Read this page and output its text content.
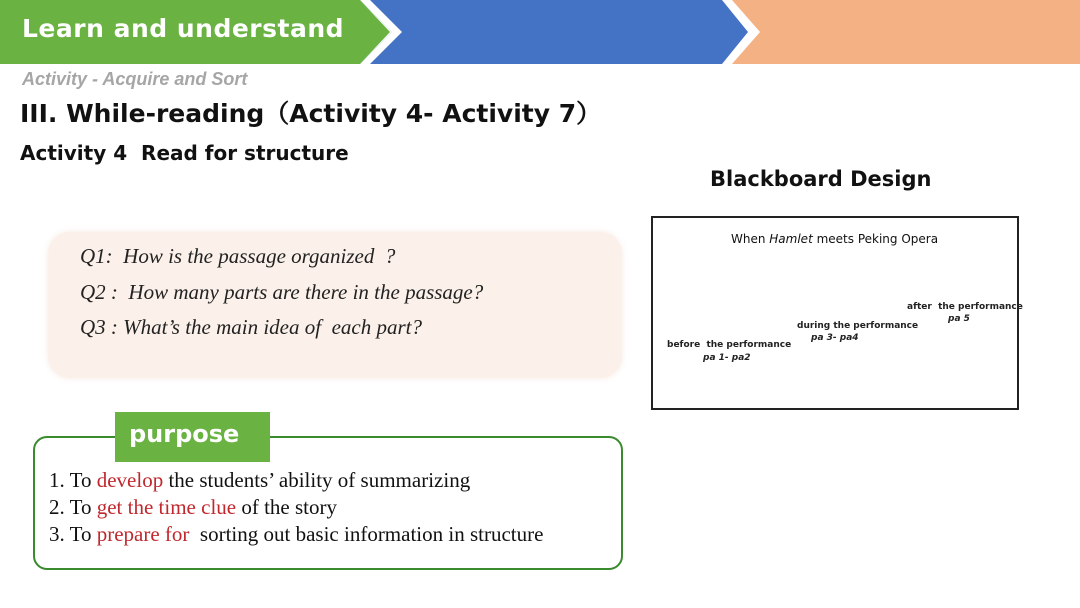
Learn and understand
Activity - Acquire and Sort
III. While-reading（Activity 4- Activity 7）
Activity 4  Read for structure
Q1:  How is the passage organized  ?
Q2 :  How many parts are there in the passage?
Q3 : What’s the main idea of  each part?
1. To develop the students’ ability of summarizing
2. To get the time clue of the story
3. To prepare for  sorting out basic information in structure
purpose
Blackboard Design
When Hamlet meets Peking Opera
after  the performance
pa 5
during the performance
pa 3- pa4
before  the performance
pa 1- pa2
